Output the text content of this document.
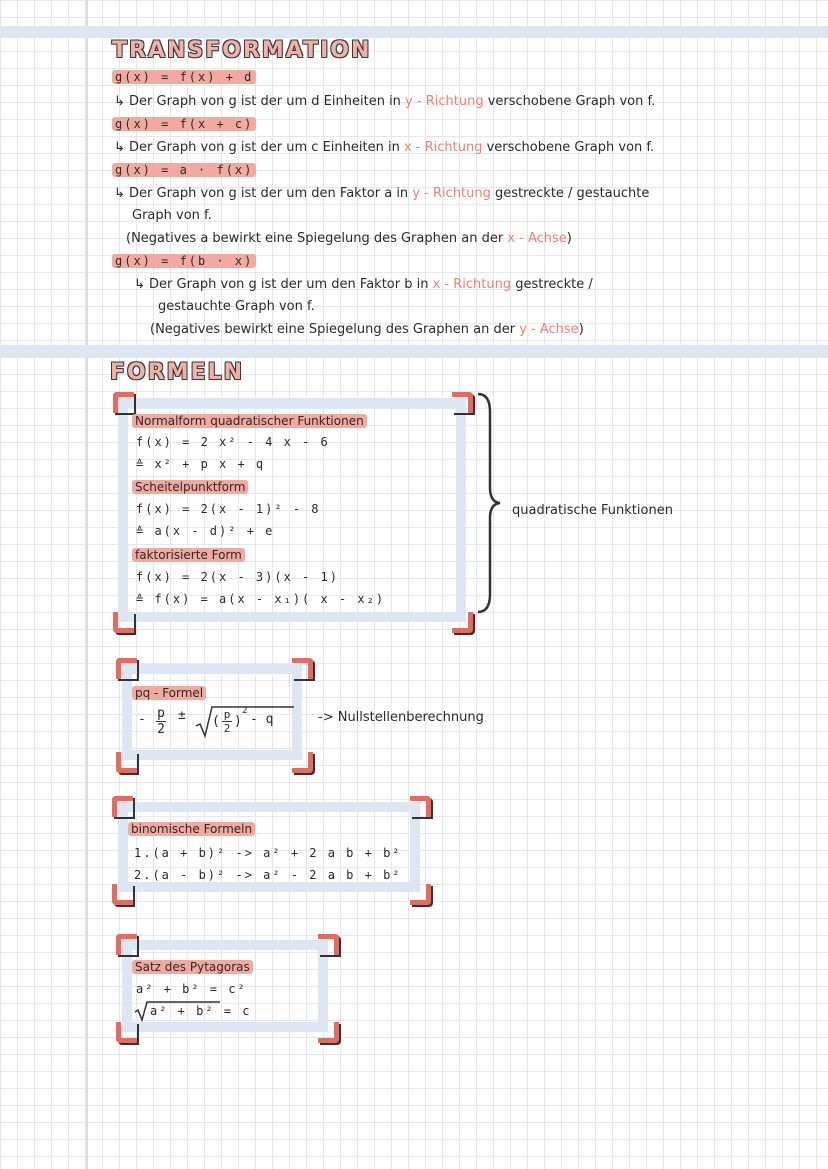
TRANSFORMATION
g(x) = f(x) + d
↳ Der Graph von g ist der um d Einheiten in y - Richtung verschobene Graph von f.
g(x) = f(x + c)
↳ Der Graph von g ist der um c Einheiten in x - Richtung verschobene Graph von f.
g(x) = a · f(x)
↳ Der Graph von g ist der um den Faktor a in y - Richtung gestreckte / gestauchte
Graph von f.
(Negatives a bewirkt eine Spiegelung des Graphen an der x - Achse)
g(x) = f(b · x)
↳ Der Graph von g ist der um den Faktor b in x - Richtung gestreckte /
gestauchte Graph von f.
(Negatives bewirkt eine Spiegelung des Graphen an der y - Achse)
FORMELN
Normalform quadratischer Funktionen
f(x) = 2 x² - 4 x - 6
≙ x² + p x + q
Scheitelpunktform
f(x) = 2(x - 1)² - 8
≙ a(x - d)² + e
faktorisierte Form
f(x) = 2(x - 3)(x - 1)
≙ f(x) = a(x - x₁)( x - x₂)
quadratische Funktionen
pq - Formel
- p
2
± ( p
2 )
2
- q	-> Nullstellenberechnung
binomische Formeln
1.(a + b)² -> a² + 2 a b + b²
2.(a - b)² -> a² - 2 a b + b²
Satz des Pytagoras
a² + b² = c²
a² + b² = c
